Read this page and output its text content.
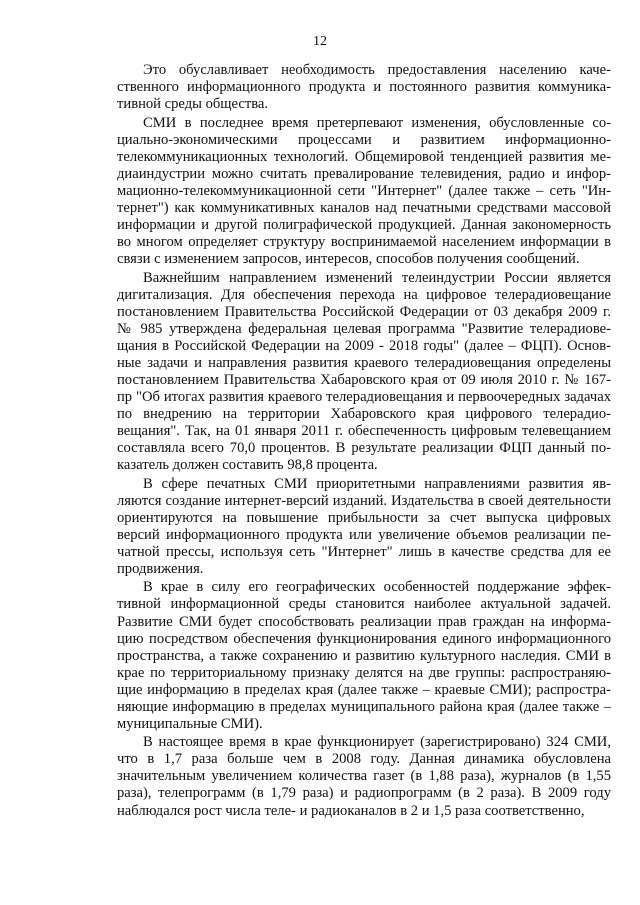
12

Это обуславливает необходимость предоставления населению качественного информационного продукта и постоянного развития коммуникативной среды общества.

СМИ в последнее время претерпевают изменения, обусловленные социально-экономическими процессами и развитием информационно-телекоммуникационных технологий. Общемировой тенденцией развития медиаиндустрии можно считать превалирование телевидения, радио и информационно-телекоммуникационной сети "Интернет" (далее также – сеть "Интернет") как коммуникативных каналов над печатными средствами массовой информации и другой полиграфической продукцией. Данная закономерность во многом определяет структуру воспринимаемой населением информации в связи с изменением запросов, интересов, способов получения сообщений.

Важнейшим направлением изменений телеиндустрии России является дигитализация. Для обеспечения перехода на цифровое телерадиовещание постановлением Правительства Российской Федерации от 03 декабря 2009 г. № 985 утверждена федеральная целевая программа "Развитие телерадиовещания в Российской Федерации на 2009 - 2018 годы" (далее – ФЦП). Основные задачи и направления развития краевого телерадиовещания определены постановлением Правительства Хабаровского края от 09 июля 2010 г. № 167-пр "Об итогах развития краевого телерадиовещания и первоочередных задачах по внедрению на территории Хабаровского края цифрового телерадиовещания". Так, на 01 января 2011 г. обеспеченность цифровым телевещанием составляла всего 70,0 процентов. В результате реализации ФЦП данный показатель должен составить 98,8 процента.

В сфере печатных СМИ приоритетными направлениями развития являются создание интернет-версий изданий. Издательства в своей деятельности ориентируются на повышение прибыльности за счет выпуска цифровых версий информационного продукта или увеличение объемов реализации печатной прессы, используя сеть "Интернет" лишь в качестве средства для ее продвижения.

В крае в силу его географических особенностей поддержание эффективной информационной среды становится наиболее актуальной задачей. Развитие СМИ будет способствовать реализации прав граждан на информацию посредством обеспечения функционирования единого информационного пространства, а также сохранению и развитию культурного наследия. СМИ в крае по территориальному признаку делятся на две группы: распространяющие информацию в пределах края (далее также – краевые СМИ); распространяющие информацию в пределах муниципального района края (далее также – муниципальные СМИ).

В настоящее время в крае функционирует (зарегистрировано) 324 СМИ, что в 1,7 раза больше чем в 2008 году. Данная динамика обусловлена значительным увеличением количества газет (в 1,88 раза), журналов (в 1,55 раза), телепрограмм (в 1,79 раза) и радиопрограмм (в 2 раза). В 2009 году наблюдался рост числа теле- и радиоканалов в 2 и 1,5 раза соответственно,
